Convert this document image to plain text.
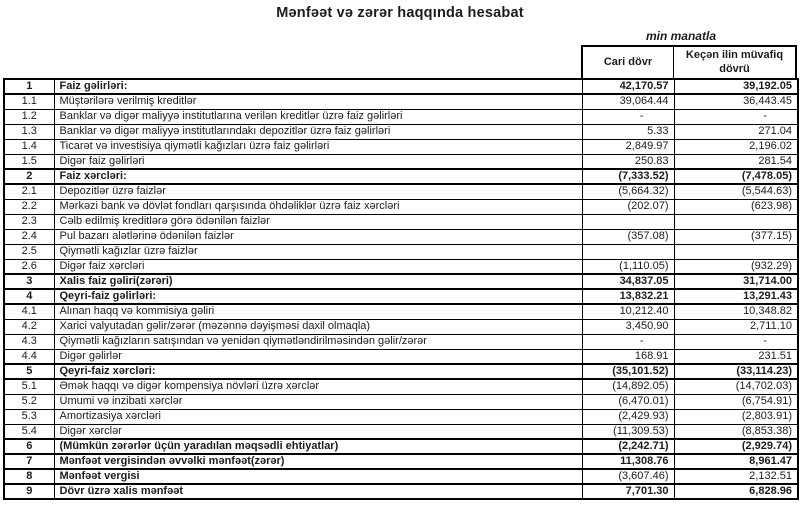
Mənfəət və zərər haqqında hesabat
min manatla
Cari dövr
Keçən ilin müvafiq dövrü
1	Faiz gəlirləri:	42,170.57	39,192.05
1.1	Müştərilərə verilmiş kreditlər	39,064.44	36,443.45
1.2	Banklar və digər maliyyə institutlarına verilən kreditlər üzrə faiz gəlirləri	-	-
1.3	Banklar və digər maliyyə institutlarındakı depozitlər üzrə faiz gəlirləri	5.33	271.04
1.4	Ticarət və investisiya qiymətli kağızları üzrə faiz gəlirləri	2,849.97	2,196.02
1.5	Digər faiz gəlirləri	250.83	281.54
2	Faiz xərcləri:	(7,333.52)	(7,478.05)
2.1	Depozitlər üzrə faizlər	(5,664.32)	(5,544.63)
2.2	Mərkəzi bank və dövlət fondları qarşısında öhdəliklər üzrə faiz xərcləri	(202.07)	(623.98)
2.3	Cəlb edilmiş kreditlərə görə ödənilən faizlər		
2.4	Pul bazarı alətlərinə ödənilən faizlər	(357.08)	(377.15)
2.5	Qiymətli kağızlar üzrə faizlər		
2.6	Digər faiz xərcləri	(1,110.05)	(932.29)
3	Xalis faiz gəliri(zərəri)	34,837.05	31,714.00
4	Qeyri-faiz gəlirləri:	13,832.21	13,291.43
4.1	Alınan haqq və kommisiya gəliri	10,212.40	10,348.82
4.2	Xarici valyutadan gəlir/zərər (məzənnə dəyişməsi daxil olmaqla)	3,450.90	2,711.10
4.3	Qiymətli kağızların satışından və yenidən qiymətləndirilməsindən gəlir/zərər	-	-
4.4	Digər gəlirlər	168.91	231.51
5	Qeyri-faiz xərcləri:	(35,101.52)	(33,114.23)
5.1	Əmək haqqı və digər kompensiya növləri üzrə xərclər	(14,892.05)	(14,702.03)
5.2	Ümumi və inzibati xərclər	(6,470.01)	(6,754.91)
5.3	Amortizasiya xərcləri	(2,429.93)	(2,803.91)
5.4	Digər xərclər	(11,309.53)	(8,853.38)
6	(Mümkün zərərlər üçün yaradılan məqsədli ehtiyatlar)	(2,242.71)	(2,929.74)
7	Mənfəət vergisindən əvvəlki mənfəət(zərər)	11,308.76	8,961.47
8	Mənfəət vergisi	(3,607.46)	2,132.51
9	Dövr üzrə xalis mənfəət	7,701.30	6,828.96
